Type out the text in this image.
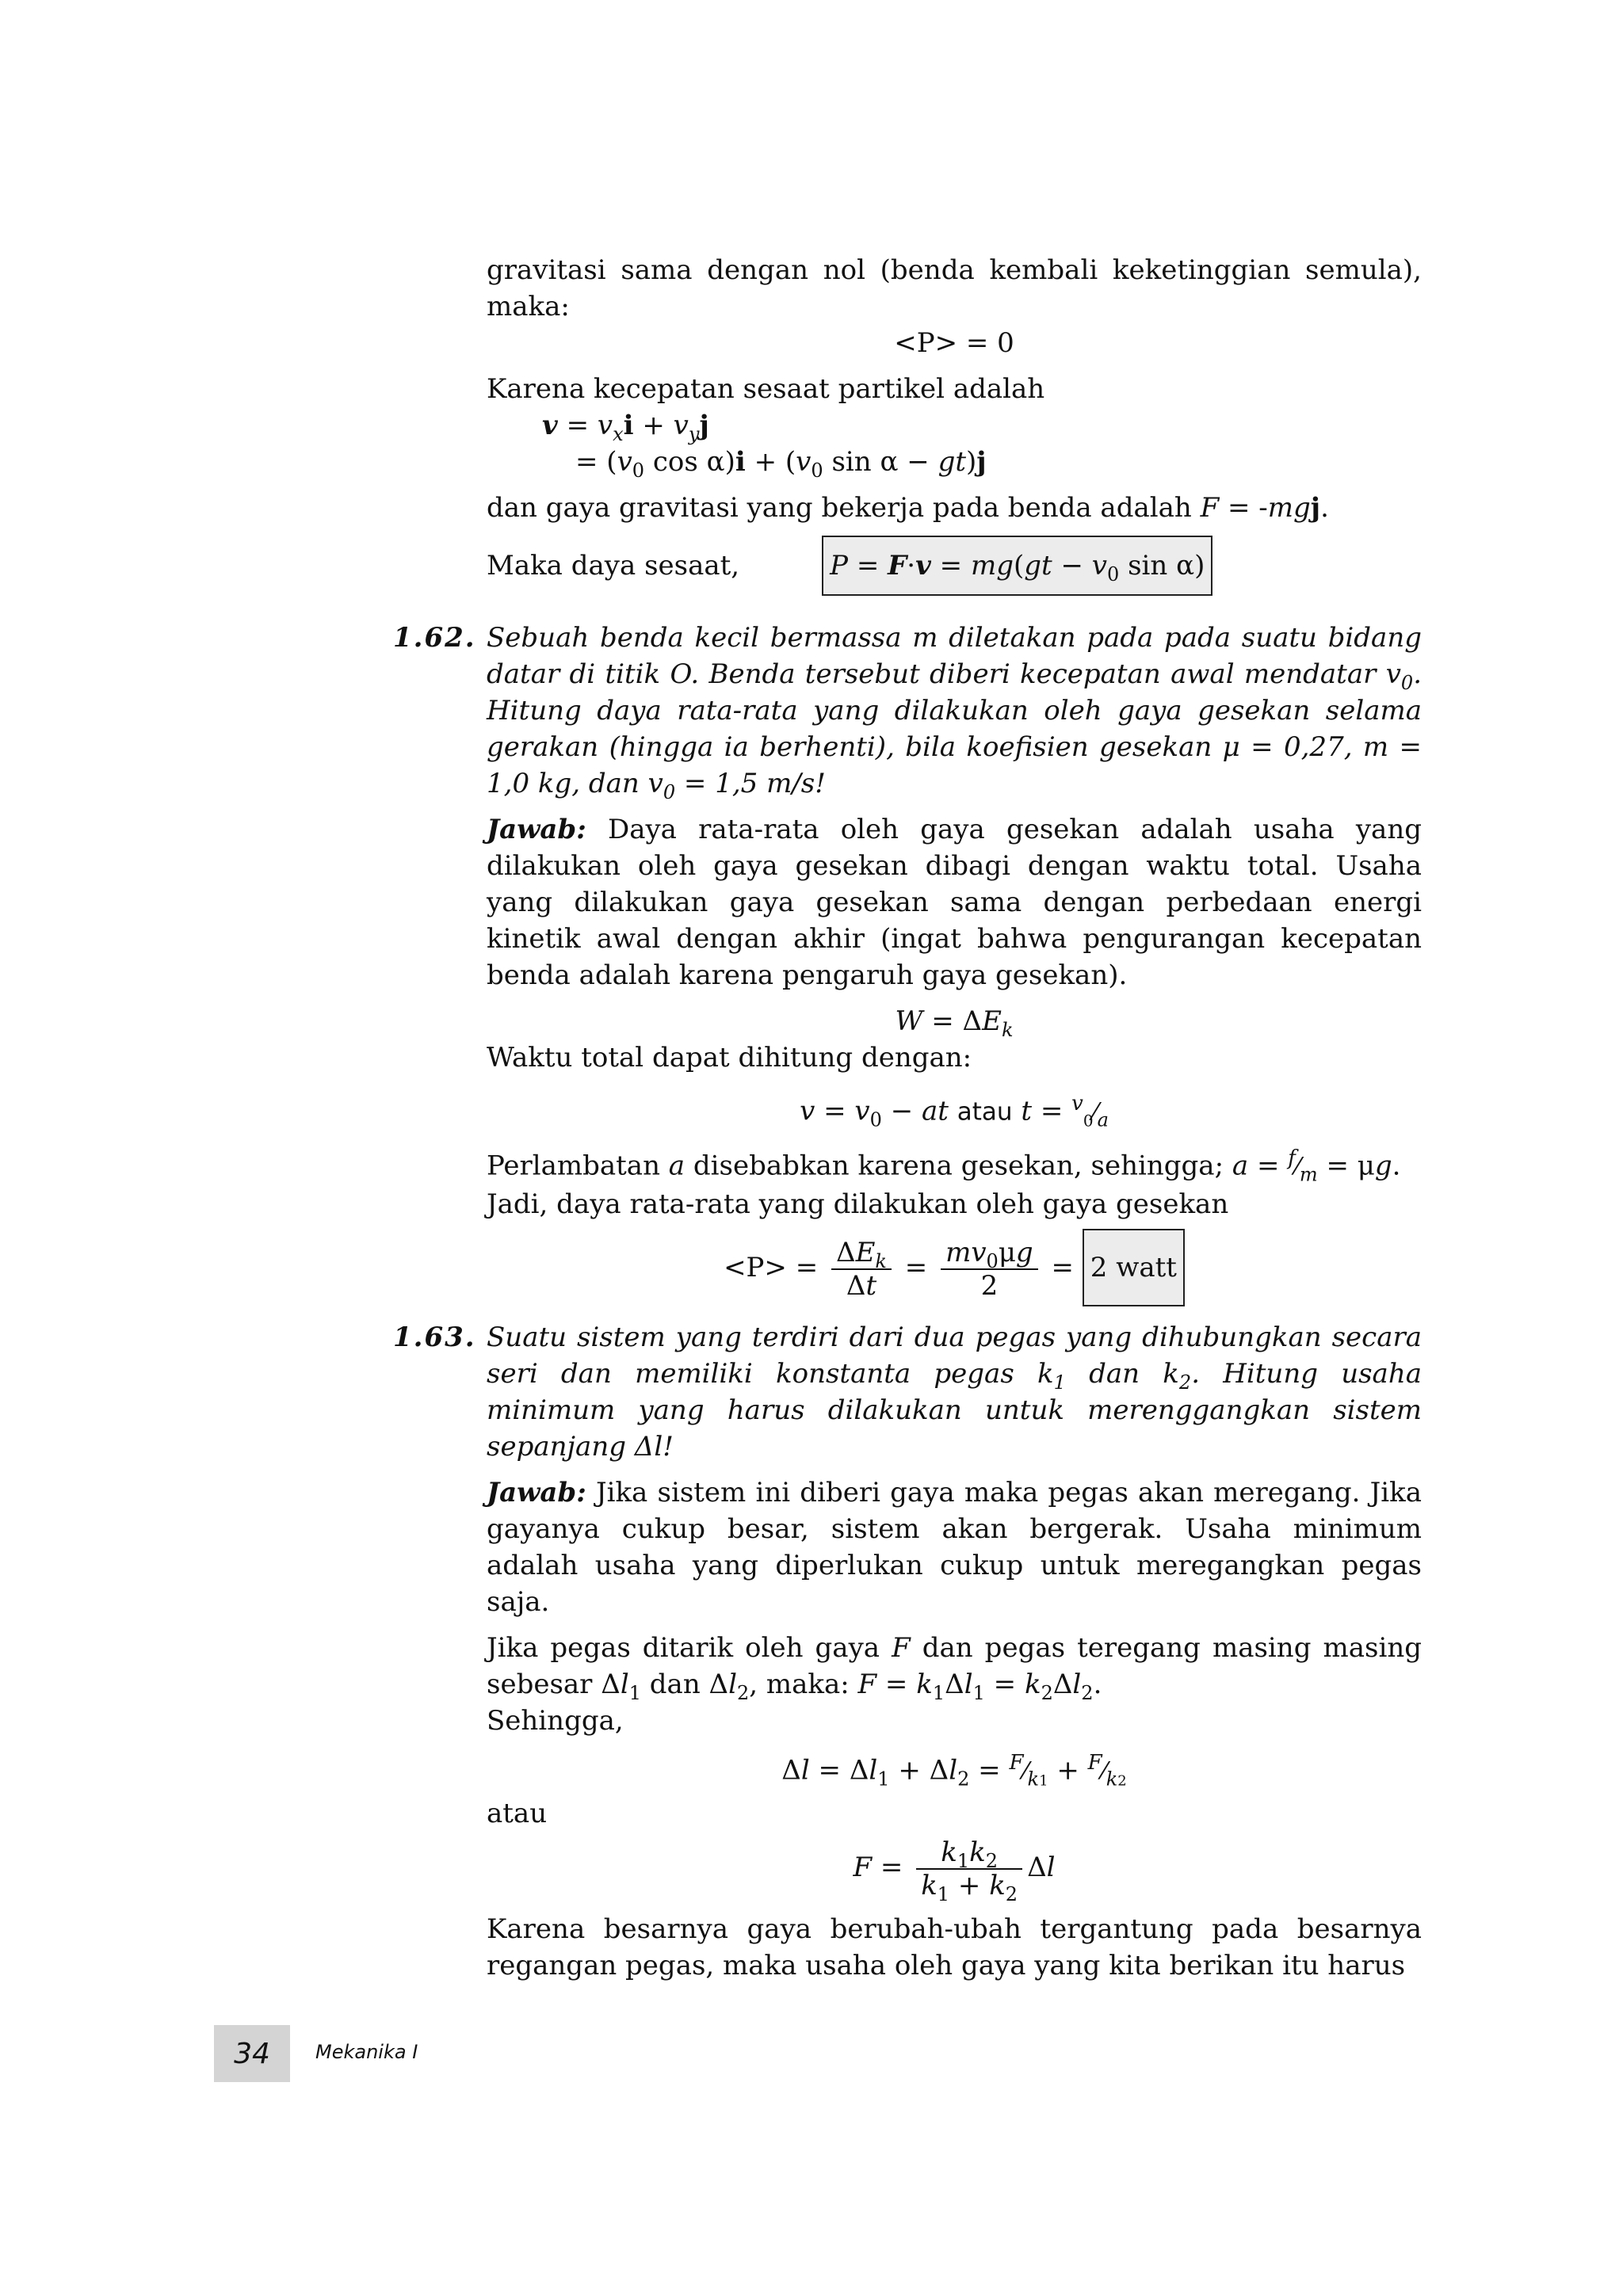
gravitasi sama dengan nol (benda kembali keketinggian semula), maka:

<P> = 0

Karena kecepatan sesaat partikel adalah

$v = v_xi + v_yj$

= ($v_0$ $\cos \alpha)i + (v_0$ sin α − gt)j

dan gaya gravitasi yang bekerja pada benda adalah F = -mgj.

Maka daya sesaat,	$P = F\cdot v = mg(gt - v_0$ sin α)

1.62. Sebuah benda kecil bermassa m diletakan pada pada suatu bidang datar di titik O. Benda tersebut diberi kecepatan awal mendatar $v_0$. Hitung daya rata-rata yang dilakukan oleh gaya gesekan selama gerakan (hingga ia berhenti), bila koefisien gesekan μ = 0,27, m = 1,0 kg, dan $v_0 = 1,5$ m/s!

Jawab: Daya rata-rata oleh gaya gesekan adalah usaha yang dilakukan oleh gaya gesekan dibagi dengan waktu total. Usaha yang dilakukan gaya gesekan sama dengan perbedaan energi kinetik awal dengan akhir (ingat bahwa pengurangan kecepatan benda adalah karena pengaruh gaya gesekan).

$W = \Delta E_k$

Waktu total dapat dihitung dengan:

$v = v_0$ − at atau $t = ^v_0⁄_a$

Perlambatan a disebabkan karena gesekan, sehingga; $a = ^f⁄_m = \mu g$.

Jadi, daya rata-rata yang dilakukan oleh gaya gesekan

$<P> = \frac{\Delta E_k}{\Delta t} = \frac{mv_0\mu g}{2} = 2$ watt

1.63. Suatu sistem yang terdiri dari dua pegas yang dihubungkan secara seri dan memiliki konstanta pegas $k_1$ dan $k_2$. Hitung usaha minimum yang harus dilakukan untuk merenggangkan sistem sepanjang Δl!

Jawab: Jika sistem ini diberi gaya maka pegas akan meregang. Jika gayanya cukup besar, sistem akan bergerak. Usaha minimum adalah usaha yang diperlukan cukup untuk meregangkan pegas saja.

Jika pegas ditarik oleh gaya F dan pegas teregang masing masing sebesar $\Delta l_1$ dan $\Delta l_2$, maka: $F = k_1\Delta l_1 = k_2\Delta l_2$.

Sehingga,

$\Delta l = \Delta l_1 + \Delta l_2$ = $^F⁄_{k1}$ + $^F⁄_{k2}$

atau

$F = \frac{k_1k_2}{k_1 + k_2}$ Δl

Karena besarnya gaya berubah-ubah tergantung pada besarnya regangan pegas, maka usaha oleh gaya yang kita berikan itu harus

34	Mekanika I
